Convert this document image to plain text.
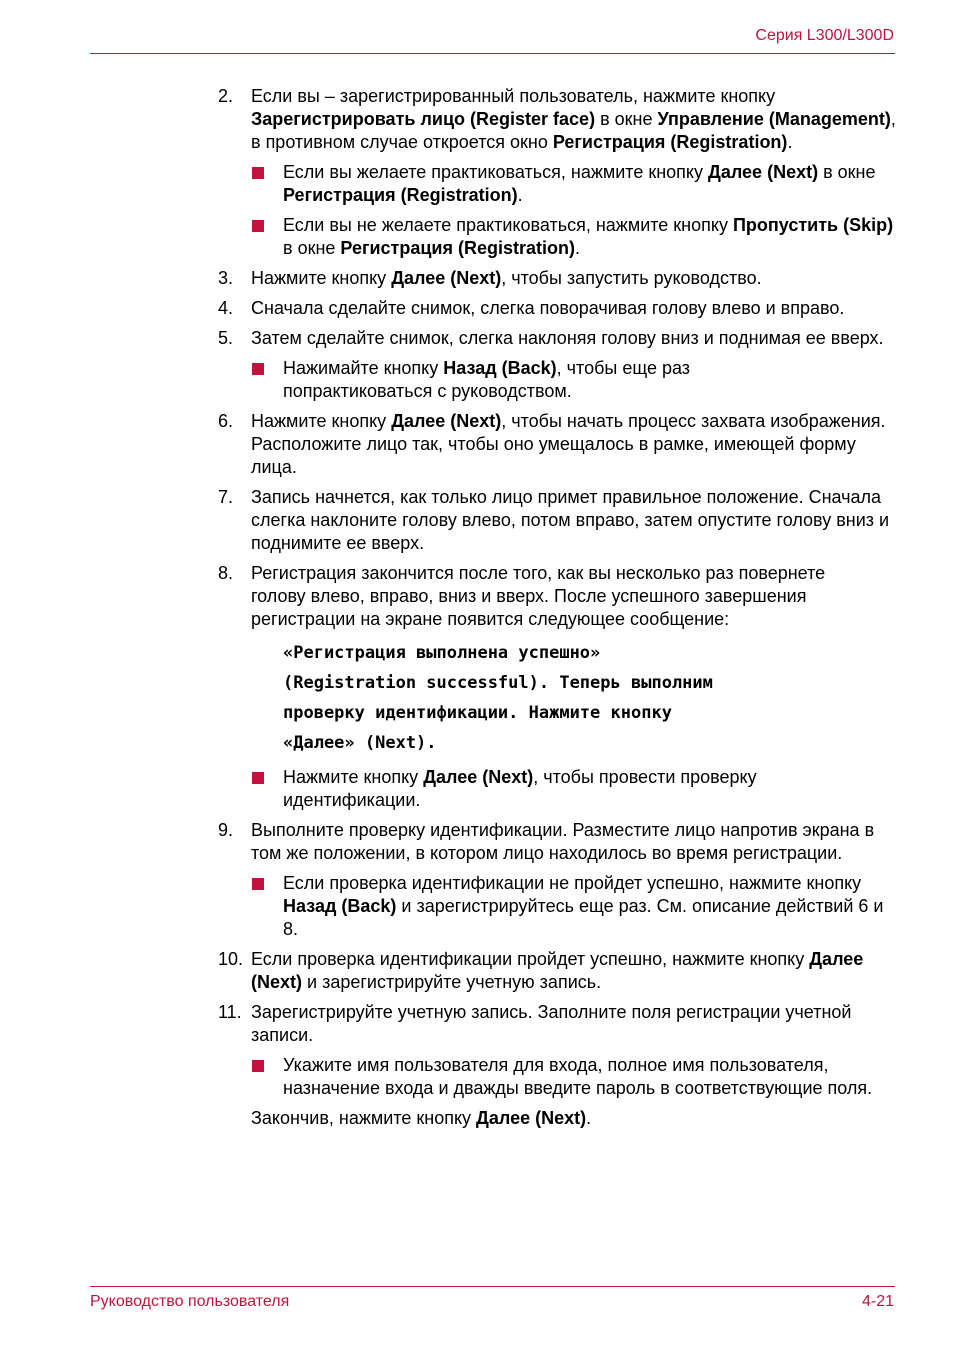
Серия L300/L300D
2. Если вы – зарегистрированный пользователь, нажмите кнопку Зарегистрировать лицо (Register face) в окне Управление (Management), в противном случае откроется окно Регистрация (Registration).
Если вы желаете практиковаться, нажмите кнопку Далее (Next) в окне Регистрация (Registration).
Если вы не желаете практиковаться, нажмите кнопку Пропустить (Skip) в окне Регистрация (Registration).
3. Нажмите кнопку Далее (Next), чтобы запустить руководство.
4. Сначала сделайте снимок, слегка поворачивая голову влево и вправо.
5. Затем сделайте снимок, слегка наклоняя голову вниз и поднимая ее вверх.
Нажимайте кнопку Назад (Back), чтобы еще раз попрактиковаться с руководством.
6. Нажмите кнопку Далее (Next), чтобы начать процесс захвата изображения. Расположите лицо так, чтобы оно умещалось в рамке, имеющей форму лица.
7. Запись начнется, как только лицо примет правильное положение. Сначала слегка наклоните голову влево, потом вправо, затем опустите голову вниз и поднимите ее вверх.
8. Регистрация закончится после того, как вы несколько раз повернете голову влево, вправо, вниз и вверх. После успешного завершения регистрации на экране появится следующее сообщение:
«Регистрация выполнена успешно»
(Registration successful). Теперь выполним
проверку идентификации. Нажмите кнопку
«Далее» (Next).
Нажмите кнопку Далее (Next), чтобы провести проверку идентификации.
9. Выполните проверку идентификации. Разместите лицо напротив экрана в том же положении, в котором лицо находилось во время регистрации.
Если проверка идентификации не пройдет успешно, нажмите кнопку Назад (Back) и зарегистрируйтесь еще раз. См. описание действий 6 и 8.
10. Если проверка идентификации пройдет успешно, нажмите кнопку Далее (Next) и зарегистрируйте учетную запись.
11. Зарегистрируйте учетную запись. Заполните поля регистрации учетной записи.
Укажите имя пользователя для входа, полное имя пользователя, назначение входа и дважды введите пароль в соответствующие поля.
Закончив, нажмите кнопку Далее (Next).
Руководство пользователя	4-21
